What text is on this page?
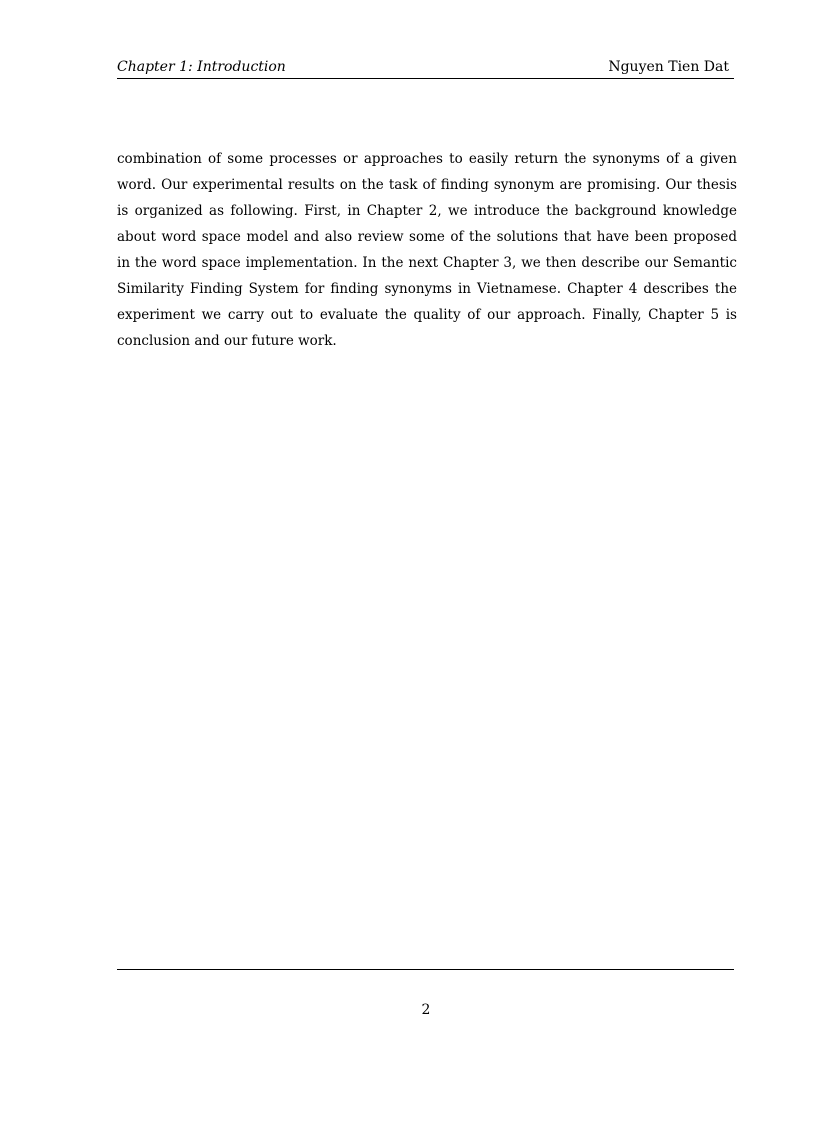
Chapter 1: Introduction	Nguyen Tien Dat

combination of some processes or approaches to easily return the synonyms of a given word. Our experimental results on the task of finding synonym are promising. Our thesis is organized as following. First, in Chapter 2, we introduce the background knowledge about word space model and also review some of the solutions that have been proposed in the word space implementation. In the next Chapter 3, we then describe our Semantic Similarity Finding System for finding synonyms in Vietnamese. Chapter 4 describes the experiment we carry out to evaluate the quality of our approach. Finally, Chapter 5 is conclusion and our future work.

2
